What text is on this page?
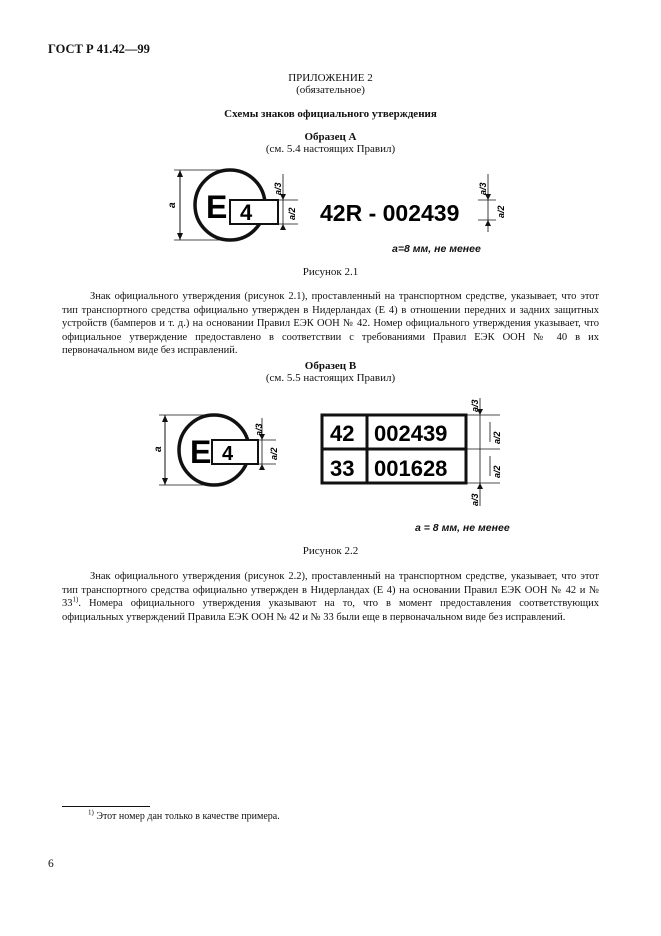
ГОСТ Р 41.42—99
ПРИЛОЖЕНИЕ 2
(обязательное)
Схемы знаков официального утверждения
Образец А
(см. 5.4 настоящих Правил)
a E 4
a/3
a/2 42R - 002439
a/3
a/2
a=8 мм, не менее
Рисунок 2.1
Знак официального утверждения (рисунок 2.1), проставленный на транспортном средстве, указывает, что этот тип транспортного средства официально утвержден в Нидерландах (Е 4) в отношении передних и задних защитных устройств (бамперов и т. д.) на основании Правил ЕЭК ООН № 42. Номер официального утверждения указывает, что официальное утверждение предоставлено в соответствии с требованиями Правил ЕЭК ООН № 40 в их первоначальном виде без исправлений.
Образец В
(см. 5.5 настоящих Правил)
a E 4
a/3
a/2
42 002439
33 001628
a/3
a/2
a/2
a/3
a = 8 мм, не менее
Рисунок 2.2
Знак официального утверждения (рисунок 2.2), проставленный на транспортном средстве, указывает, что этот тип транспортного средства официально утвержден в Нидерландах (Е 4) на основании Правил ЕЭК ООН № 42 и № 33$^{1)}$. Номера официального утверждения указывают на то, что в момент предоставления соответствующих официальных утверждений Правила ЕЭК ООН № 42 и № 33 были еще в первоначальном виде без исправлений.
$^{1)}$ Этот номер дан только в качестве примера.
6
